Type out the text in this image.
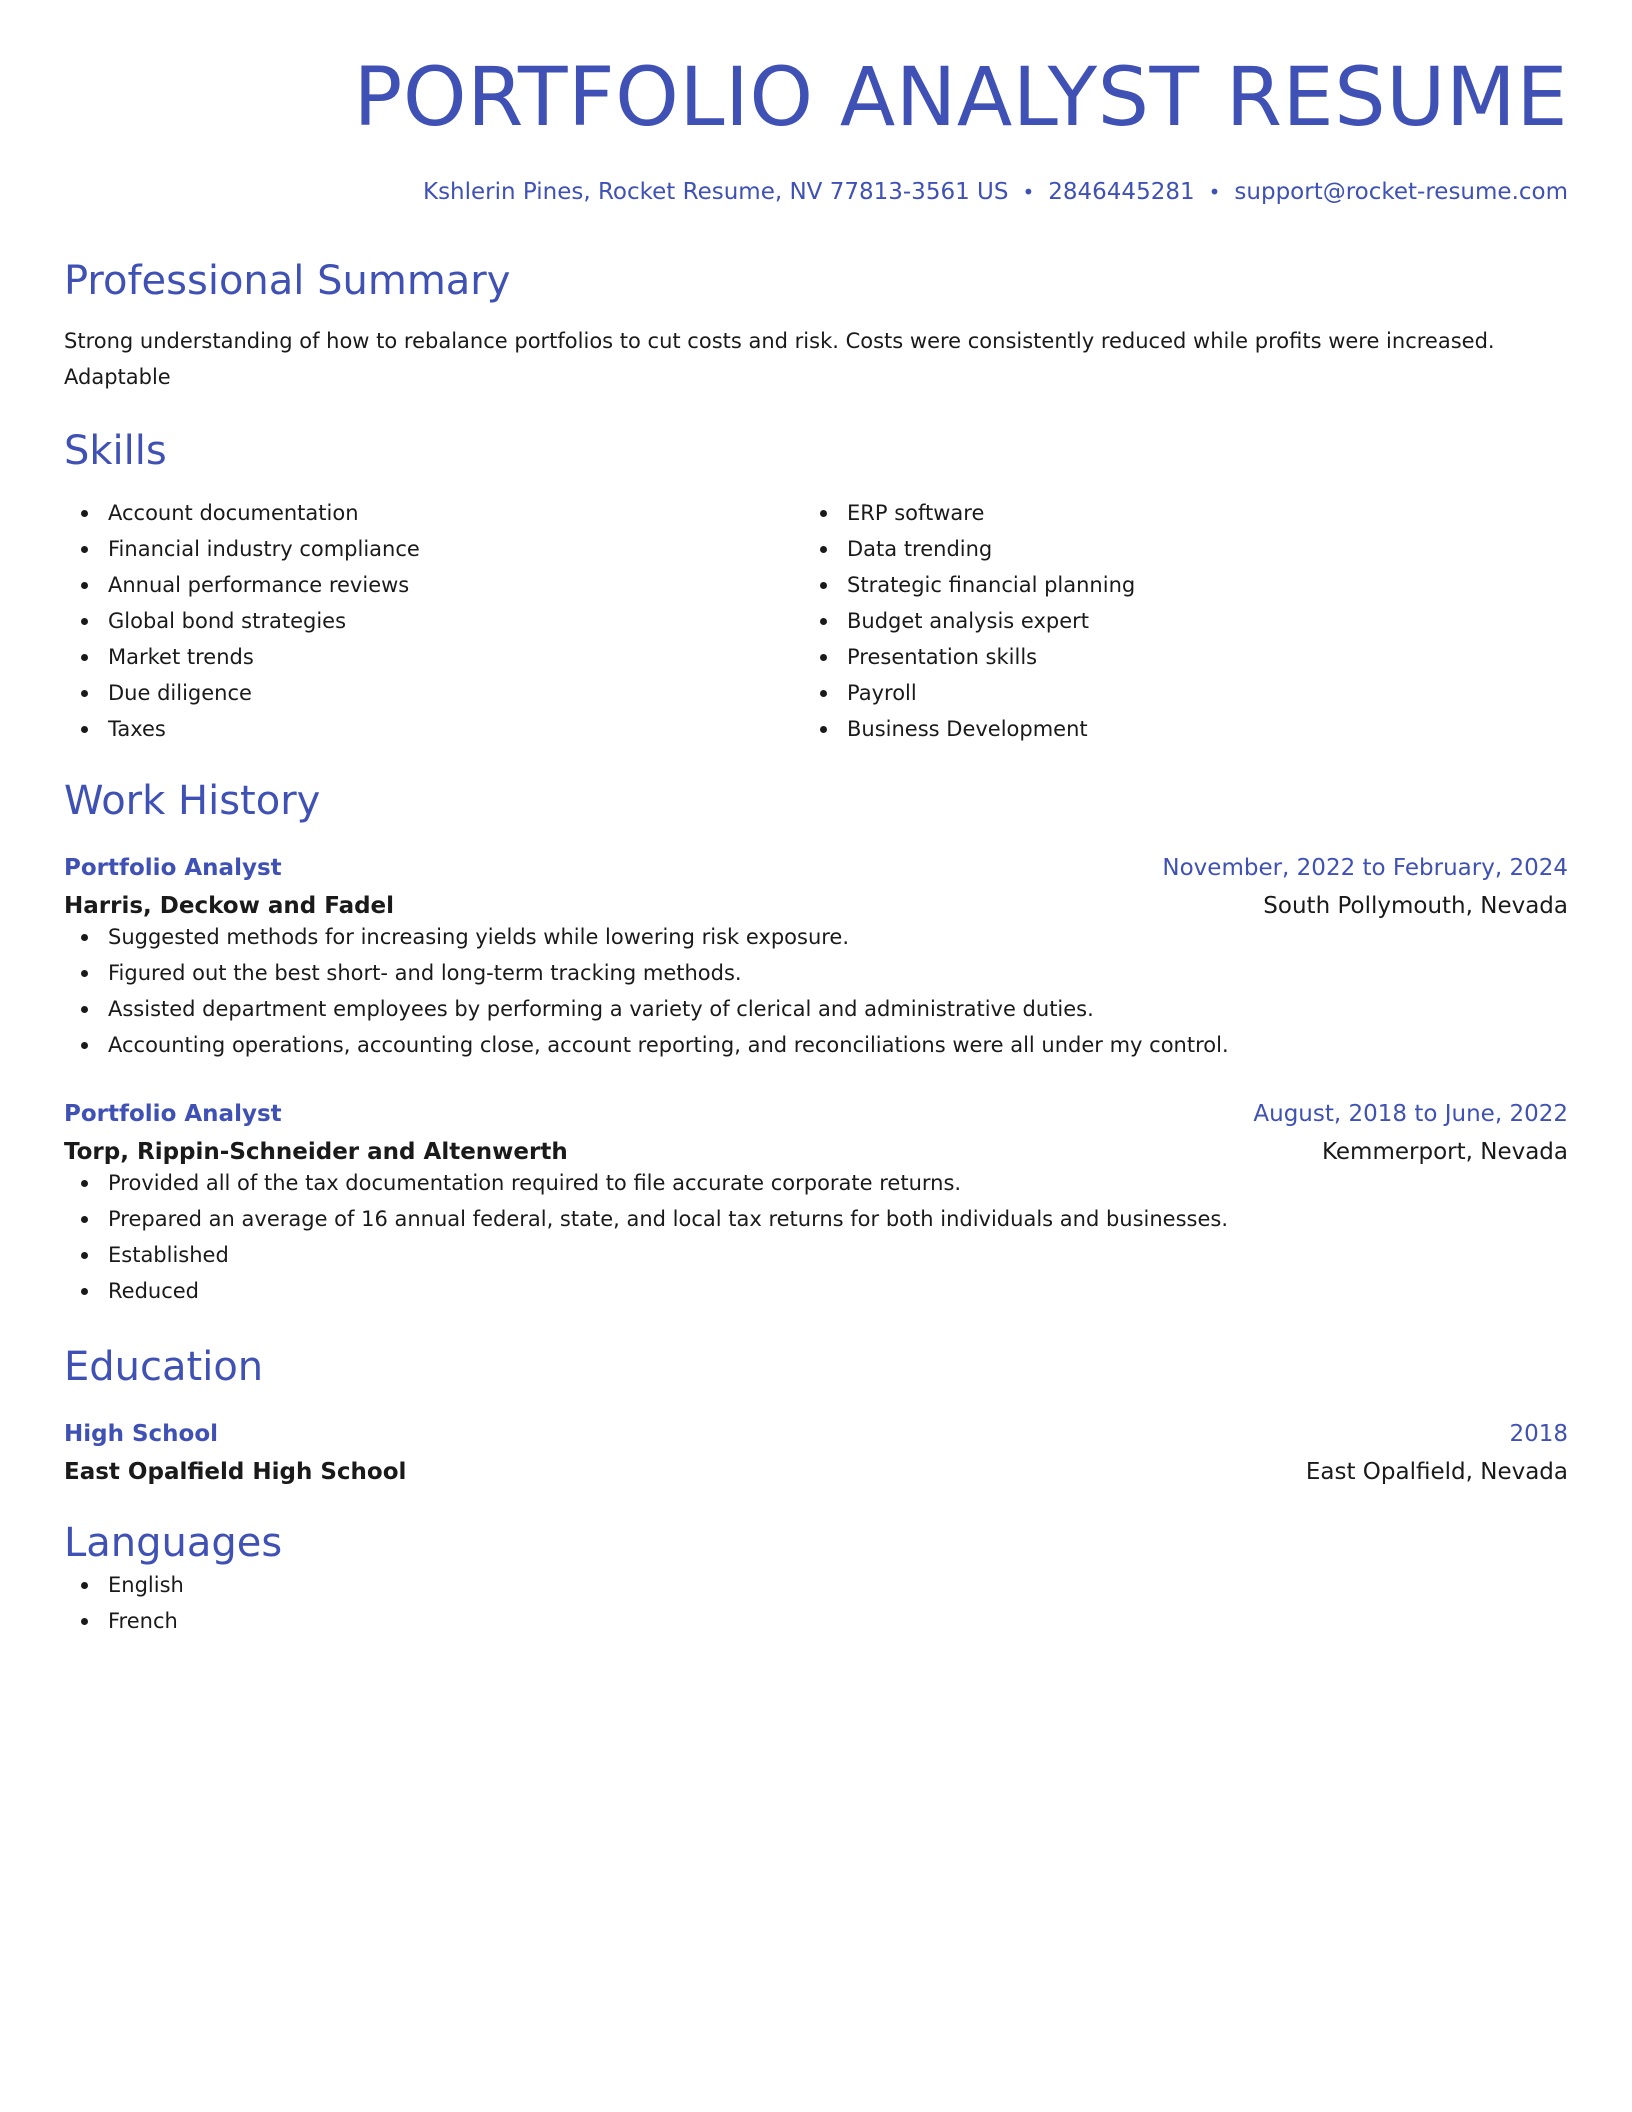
PORTFOLIO ANALYST RESUME
Kshlerin Pines, Rocket Resume, NV 77813-3561 US • 2846445281 • support@rocket-resume.com
Professional Summary
Strong understanding of how to rebalance portfolios to cut costs and risk. Costs were consistently reduced while profits were increased. Adaptable
Skills
Account documentation
Financial industry compliance
Annual performance reviews
Global bond strategies
Market trends
Due diligence
Taxes
ERP software
Data trending
Strategic financial planning
Budget analysis expert
Presentation skills
Payroll
Business Development
Work History
Portfolio Analyst	November, 2022 to February, 2024
Harris, Deckow and Fadel	South Pollymouth, Nevada
Suggested methods for increasing yields while lowering risk exposure.
Figured out the best short- and long-term tracking methods.
Assisted department employees by performing a variety of clerical and administrative duties.
Accounting operations, accounting close, account reporting, and reconciliations were all under my control.
Portfolio Analyst	August, 2018 to June, 2022
Torp, Rippin-Schneider and Altenwerth	Kemmerport, Nevada
Provided all of the tax documentation required to file accurate corporate returns.
Prepared an average of 16 annual federal, state, and local tax returns for both individuals and businesses.
Established
Reduced
Education
High School	2018
East Opalfield High School	East Opalfield, Nevada
Languages
English
French
